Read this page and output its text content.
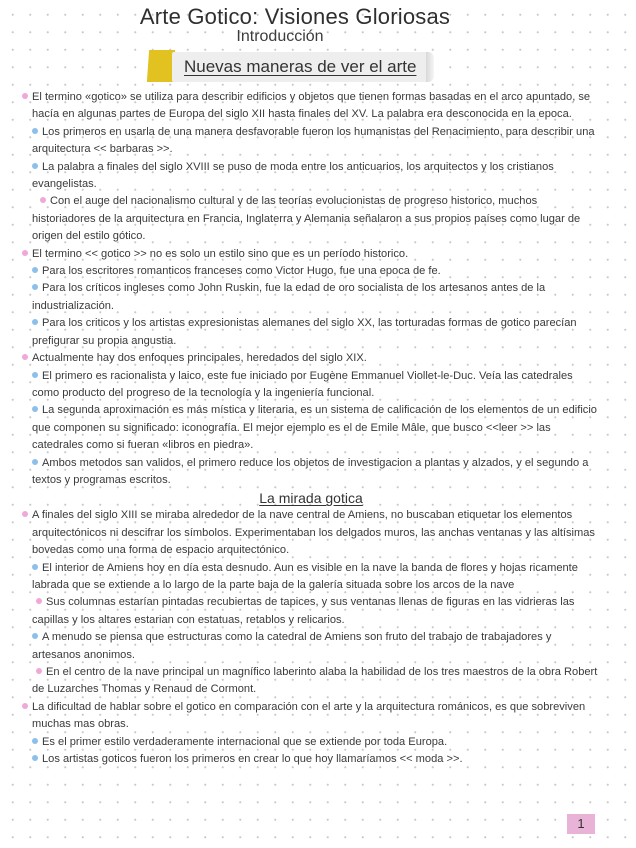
Arte Gotico: Visiones Gloriosas
Introducción
Nuevas maneras de ver el arte

El termino «gotico» se utiliza para describir edificios y objetos que tienen formas basadas en el arco apuntado, se hacía en algunas partes de Europa del siglo XII hasta finales del XV. La palabra era desconocida en la epoca.

Los primeros en usarla de una manera desfavorable fueron los humanistas del Renacimiento, para describir una arquitectura << barbaras >>.

La palabra a finales del siglo XVIII se puso de moda entre los anticuarios, los arquitectos y los cristianos evangelistas.

Con el auge del nacionalismo cultural y de las teorías evolucionistas de progreso historico, muchos historiadores de la arquitectura en Francia, Inglaterra y Alemania señalaron a sus propios países como lugar de origen del estilo gótico.

El termino << gotico >> no es solo un estilo sino que es un período historico.

Para los escritores romanticos franceses como Victor Hugo, fue una epoca de fe.

Para los críticos ingleses como John Ruskin, fue la edad de oro socialista de los artesanos antes de la industrialización.

Para los criticos y los artistas expresionistas alemanes del siglo XX, las torturadas formas de gotico parecían prefigurar su propia angustia.

Actualmente hay dos enfoques principales, heredados del siglo XIX.

El primero es racionalista y laico, este fue iniciado por Eugène Emmanuel Viollet-le-Duc. Veía las catedrales como producto del progreso de la tecnología y la ingeniería funcional.

La segunda aproximación es más mística y literaria, es un sistema de calificación de los elementos de un edificio que componen su significado: iconografía. El mejor ejemplo es el de Emile Mâle, que busco <<leer >> las catedrales como si fueran «libros en piedra».

Ambos metodos san validos, el primero reduce los objetos de investigacion a plantas y alzados, y el segundo a textos y programas escritos.

La mirada gotica

A finales del siglo XIII se miraba alrededor de la nave central de Amiens, no buscaban etiquetar los elementos arquitectónicos ni descifrar los símbolos. Experimentaban los delgados muros, las anchas ventanas y las altísimas bovedas como una forma de espacio arquitectónico.

El interior de Amiens hoy en día esta desnudo. Aun es visible en la nave la banda de flores y hojas ricamente labrada que se extiende a lo largo de la parte baja de la galería situada sobre los arcos de la nave

Sus columnas estarían pintadas recubiertas de tapices, y sus ventanas llenas de figuras en las vidrieras las capillas y los altares estarian con estatuas, retablos y relicarios.

A menudo se piensa que estructuras como la catedral de Amiens son fruto del trabajo de trabajadores y artesanos anonimos.

En el centro de la nave principal un magnífico laberinto alaba la habilidad de los tres maestros de la obra Robert de Luzarches Thomas y Renaud de Cormont.

La dificultad de hablar sobre el gotico en comparación con el arte y la arquitectura románicos, es que sobreviven muchas mas obras.

Es el primer estilo verdaderamente internacional que se extiende por toda Europa.

Los artistas goticos fueron los primeros en crear lo que hoy llamaríamos << moda >>.

1
